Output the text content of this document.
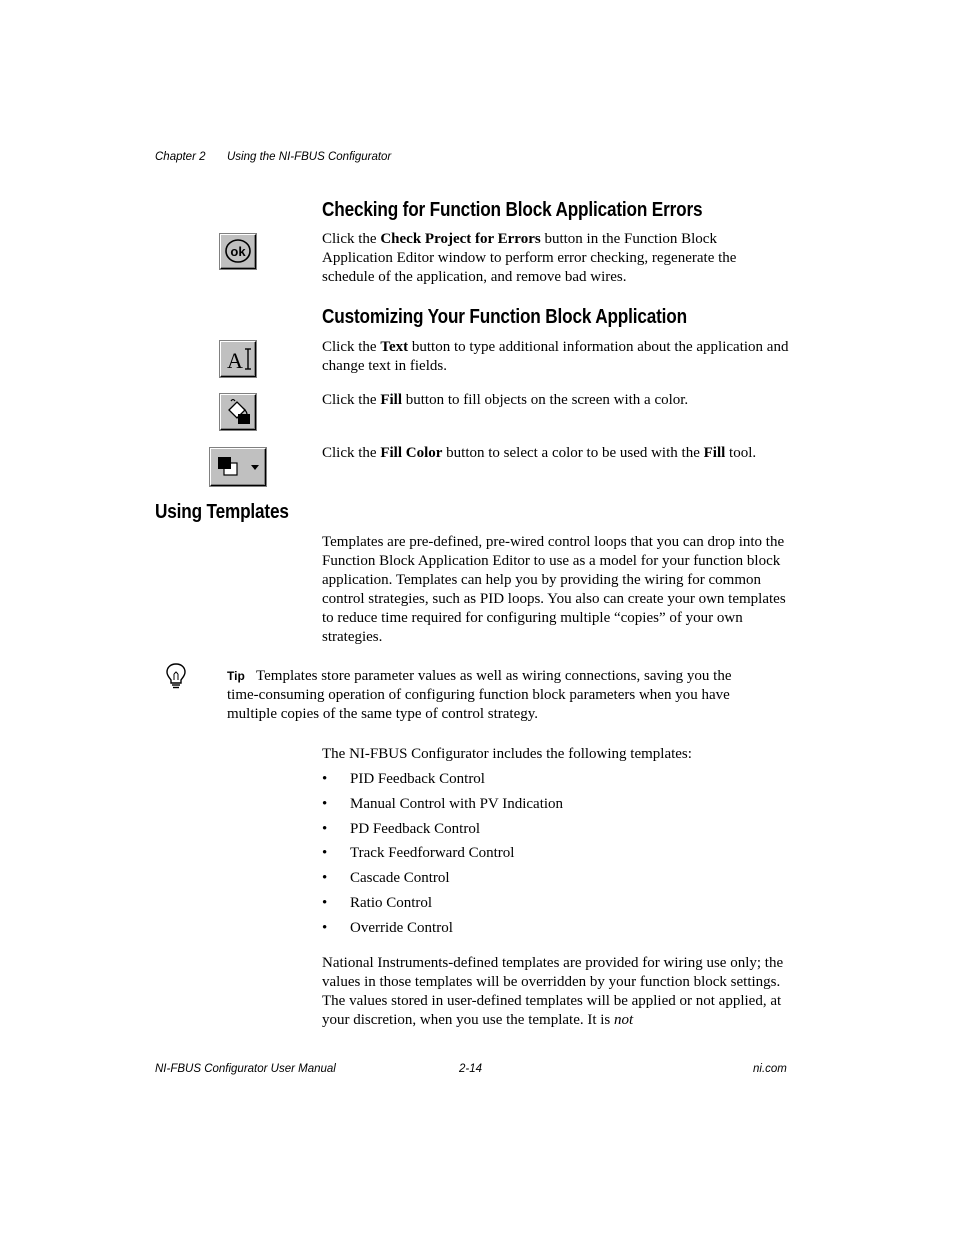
Chapter 2 Using the NI-FBUS Configurator
Checking for Function Block Application Errors
ok
Click the Check Project for Errors button in the Function Block Application Editor window to perform error checking, regenerate the schedule of the application, and remove bad wires.
Customizing Your Function Block Application
A
Click the Text button to type additional information about the application and change text in fields.
Click the Fill button to fill objects on the screen with a color.
Click the Fill Color button to select a color to be used with the Fill tool.
Using Templates
Templates are pre-defined, pre-wired control loops that you can drop into the Function Block Application Editor to use as a model for your function block application. Templates can help you by providing the wiring for common control strategies, such as PID loops. You also can create your own templates to reduce time required for configuring multiple “copies” of your own strategies.
Tip Templates store parameter values as well as wiring connections, saving you the time-consuming operation of configuring function block parameters when you have multiple copies of the same type of control strategy.
The NI-FBUS Configurator includes the following templates:
• PID Feedback Control
• Manual Control with PV Indication
• PD Feedback Control
• Track Feedforward Control
• Cascade Control
• Ratio Control
• Override Control
National Instruments-defined templates are provided for wiring use only; the values in those templates will be overridden by your function block settings. The values stored in user-defined templates will be applied or not applied, at your discretion, when you use the template. It is not
NI-FBUS Configurator User Manual	2-14	ni.com
